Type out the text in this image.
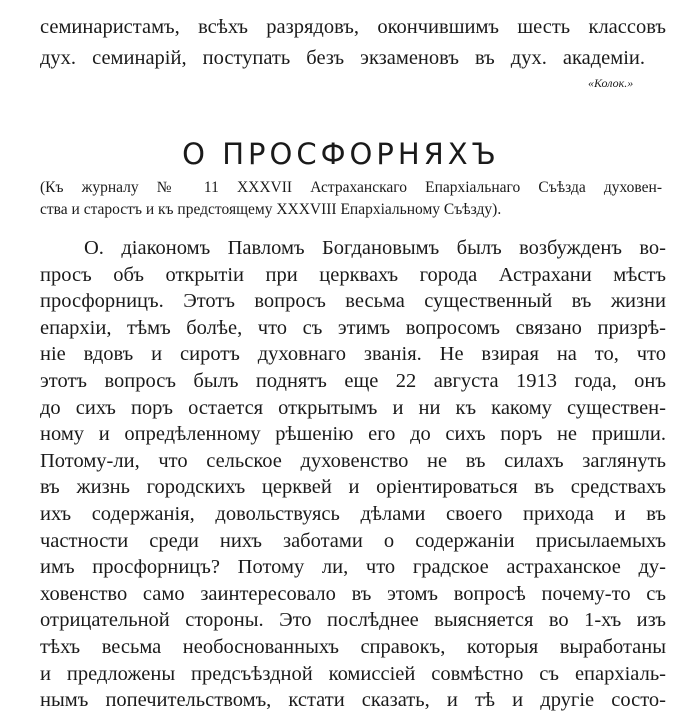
семинаристамъ, всѣхъ разрядовъ, окончившимъ шесть классовъ
дух. семинарій, поступать безъ экзаменовъ въ дух. академіи.
«Колок.»
О ПРОСФОРНЯХЪ
(Къ журналу № 11 XXXVII Астраханскаго Епархіальнаго Съѣзда духовен-
ства и старостъ и къ предстоящему XXXVIII Епархіальному Съѣзду).
О. діакономъ Павломъ Богдановымъ былъ возбужденъ во-
просъ объ открытіи при церквахъ города Астрахани мѣстъ
просфорницъ. Этотъ вопросъ весьма существенный въ жизни
епархіи, тѣмъ болѣе, что съ этимъ вопросомъ связано призрѣ-
ніе вдовъ и сиротъ духовнаго званія. Не взирая на то, что
этотъ вопросъ былъ поднятъ еще 22 августа 1913 года, онъ
до сихъ поръ остается открытымъ и ни къ какому существен-
ному и опредѣленному рѣшенію его до сихъ поръ не пришли.
Потому-ли, что сельское духовенство не въ силахъ заглянуть
въ жизнь городскихъ церквей и оріентироваться въ средствахъ
ихъ содержанія, довольствуясь дѣлами своего прихода и въ
частности среди нихъ заботами о содержаніи присылаемыхъ
имъ просфорницъ? Потому ли, что градское астраханское ду-
ховенство само заинтересовало въ этомъ вопросѣ почему-то съ
отрицательной стороны. Это послѣднее выясняется во 1-хъ изъ
тѣхъ весьма необоснованныхъ справокъ, которыя выработаны
и предложены предсъѣздной комиссіей совмѣстно съ епархіаль-
нымъ попечительствомъ, кстати сказать, и тѣ и другіе состо-
